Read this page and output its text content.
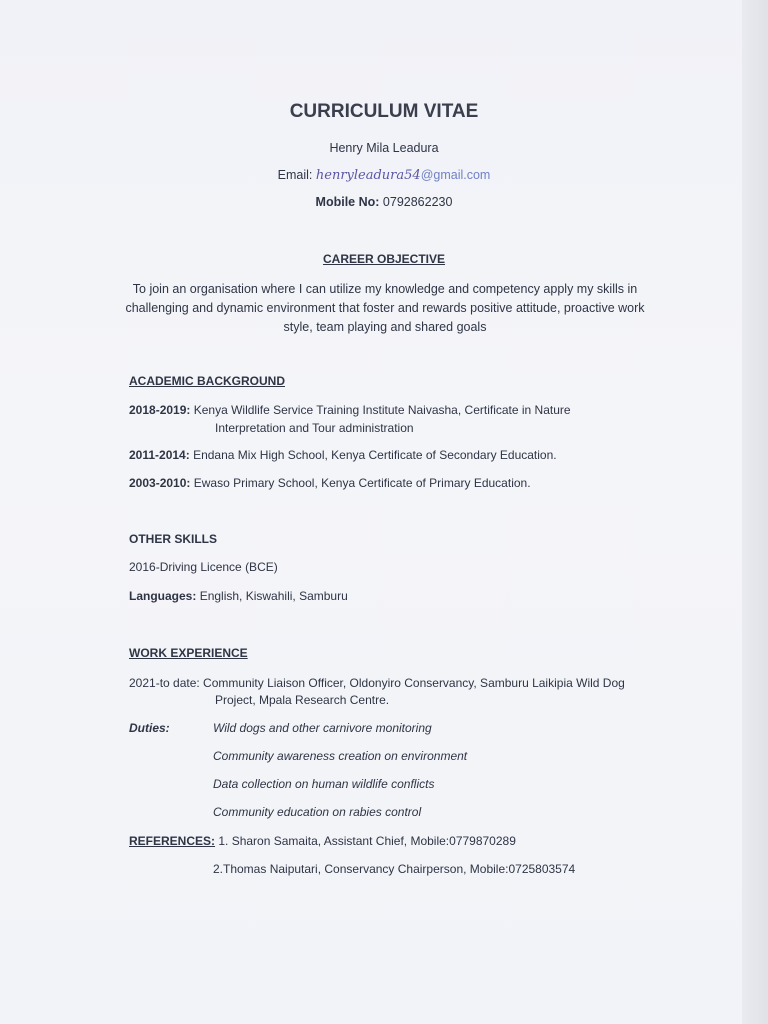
CURRICULUM VITAE
Henry Mila Leadura
Email: henryleadura54@gmail.com
Mobile No: 0792862230
CAREER OBJECTIVE
To join an organisation where I can utilize my knowledge and competency apply my skills in challenging and dynamic environment that foster and rewards positive attitude, proactive work style, team playing and shared goals
ACADEMIC BACKGROUND
2018-2019: Kenya Wildlife Service Training Institute Naivasha, Certificate in Nature
Interpretation and Tour administration
2011-2014: Endana Mix High School, Kenya Certificate of Secondary Education.
2003-2010: Ewaso Primary School, Kenya Certificate of Primary Education.
OTHER SKILLS
2016-Driving Licence (BCE)
Languages: English, Kiswahili, Samburu
WORK EXPERIENCE
2021-to date: Community Liaison Officer, Oldonyiro Conservancy, Samburu Laikipia Wild Dog
Project, Mpala Research Centre.
Duties:	Wild dogs and other carnivore monitoring
Community awareness creation on environment
Data collection on human wildlife conflicts
Community education on rabies control
REFERENCES: 1. Sharon Samaita, Assistant Chief, Mobile:0779870289
2.Thomas Naiputari, Conservancy Chairperson, Mobile:0725803574
